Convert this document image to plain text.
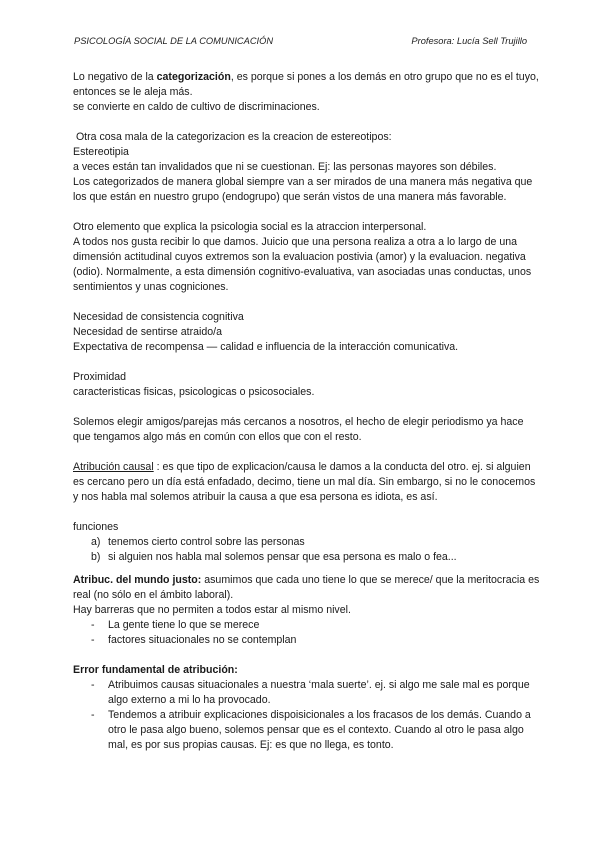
PSICOLOGÍA SOCIAL DE LA COMUNICACIÓN	Profesora: Lucía Sell Trujillo

Lo negativo de la categorización, es porque si pones a los demás en otro grupo que no es el tuyo, entonces se le aleja más.

se convierte en caldo de cultivo de discriminaciones.

Otra cosa mala de la categorizacion es la creacion de estereotipos:

Estereotipia

a veces están tan invalidados que ni se cuestionan. Ej: las personas mayores son débiles.

Los categorizados de manera global siempre van a ser mirados de una manera más negativa que los que están en nuestro grupo (endogrupo) que serán vistos de una manera más favorable.

Otro elemento que explica la psicologia social es la atraccion interpersonal.

A todos nos gusta recibir lo que damos. Juicio que una persona realiza a otra a lo largo de una dimensión actitudinal cuyos extremos son la evaluacion postivia (amor) y la evaluacion. negativa (odio). Normalmente, a esta dimensión cognitivo-evaluativa, van asociadas unas conductas, unos sentimientos y unas cogniciones.

Necesidad de consistencia cognitiva

Necesidad de sentirse atraido/a

Expectativa de recompensa — calidad e influencia de la interacción comunicativa.

Proximidad

caracteristicas fisicas, psicologicas o psicosociales.

Solemos elegir amigos/parejas más cercanos a nosotros, el hecho de elegir periodismo ya hace que tengamos algo más en común con ellos que con el resto.

Atribución causal : es que tipo de explicacion/causa le damos a la conducta del otro. ej. si alguien es cercano pero un día está enfadado, decimo, tiene un mal día. Sin embargo, si no le conocemos y nos habla mal solemos atribuir la causa a que esa persona es idiota, es así.

funciones

a) tenemos cierto control sobre las personas
b) si alguien nos habla mal solemos pensar que esa persona es malo o fea...

Atribuc. del mundo justo: asumimos que cada uno tiene lo que se merece/ que la meritocracia es real (no sólo en el ámbito laboral).

Hay barreras que no permiten a todos estar al mismo nivel.

-	La gente tiene lo que se merece
-	factores situacionales no se contemplan

Error fundamental de atribución:

-	Atribuimos causas situacionales a nuestra ‘mala suerte’. ej. si algo me sale mal es porque algo externo a mi lo ha provocado.
-	Tendemos a atribuir explicaciones dispoisicionales a los fracasos de los demás. Cuando a otro le pasa algo bueno, solemos pensar que es el contexto. Cuando al otro le pasa algo mal, es por sus propias causas. Ej: es que no llega, es tonto.
